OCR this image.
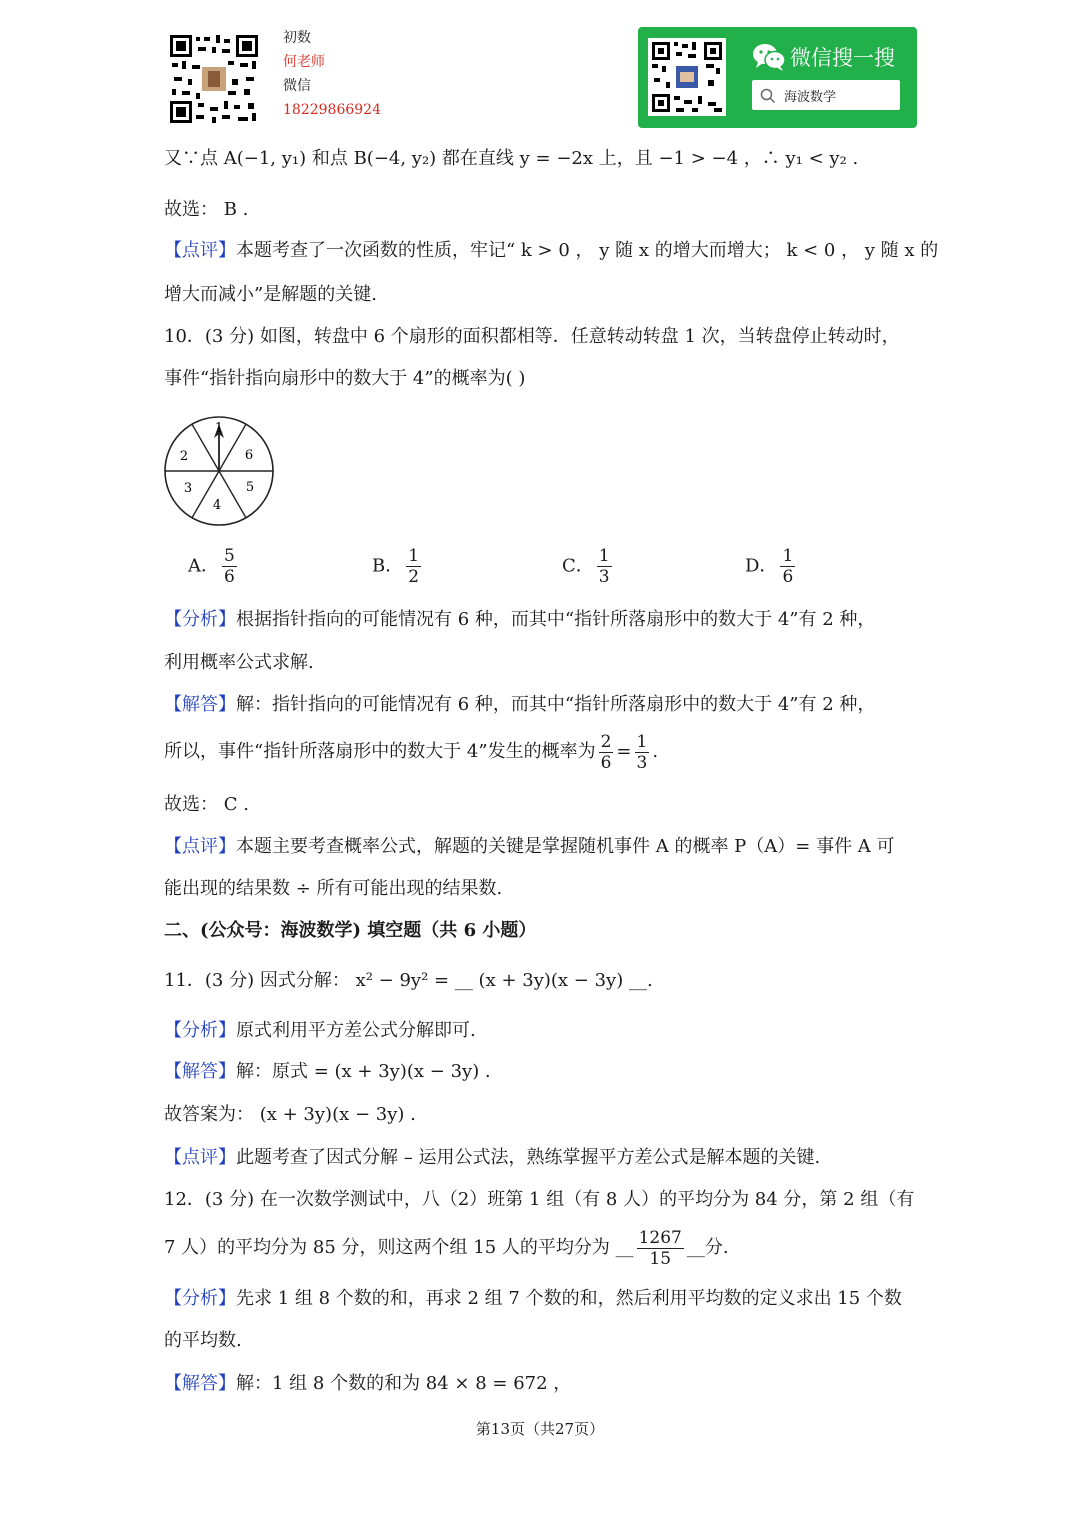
初数
何老师
微信
18229866924
微信搜一搜
海波数学
又∵点 A(−1, y₁) 和点 B(−4, y₂) 都在直线 y = −2x 上，且 −1 > −4 ，∴ y₁ < y₂ .
故选： B .
【点评】本题考查了一次函数的性质，牢记“ k > 0 ， y 随 x 的增大而增大； k < 0 ， y 随 x 的
增大而减小”是解题的关键.
10．(3 分) 如图，转盘中 6 个扇形的面积都相等．任意转动转盘 1 次，当转盘停止转动时，
事件“指针指向扇形中的数大于 4”的概率为( )
1
6
5
4
3
2
A． $\frac{5}{6}$	B． $\frac{1}{2}$	C． $\frac{1}{3}$	D． $\frac{1}{6}$
【分析】根据指针指向的可能情况有 6 种，而其中“指针所落扇形中的数大于 4”有 2 种，
利用概率公式求解.
【解答】解：指针指向的可能情况有 6 种，而其中“指针所落扇形中的数大于 4”有 2 种，
所以，事件“指针所落扇形中的数大于 4”发生的概率为 $\frac{2}{6} = \frac{1}{3}$ .
故选： C .
【点评】本题主要考查概率公式，解题的关键是掌握随机事件 A 的概率 P（A）= 事件 A 可
能出现的结果数 ÷ 所有可能出现的结果数.
二、(公众号：海波数学) 填空题（共 6 小题）
11．(3 分) 因式分解： x² − 9y² = __ (x + 3y)(x − 3y) __.
【分析】原式利用平方差公式分解即可.
【解答】解：原式 = (x + 3y)(x − 3y) .
故答案为： (x + 3y)(x − 3y) .
【点评】此题考查了因式分解 – 运用公式法，熟练掌握平方差公式是解本题的关键.
12．(3 分) 在一次数学测试中，八（2）班第 1 组（有 8 人）的平均分为 84 分，第 2 组（有
7 人）的平均分为 85 分，则这两个组 15 人的平均分为 __ $\frac{1267}{15}$ __分.
【分析】先求 1 组 8 个数的和，再求 2 组 7 个数的和，然后利用平均数的定义求出 15 个数
的平均数.
【解答】解：1 组 8 个数的和为 84 × 8 = 672 ，
第13页（共27页）
